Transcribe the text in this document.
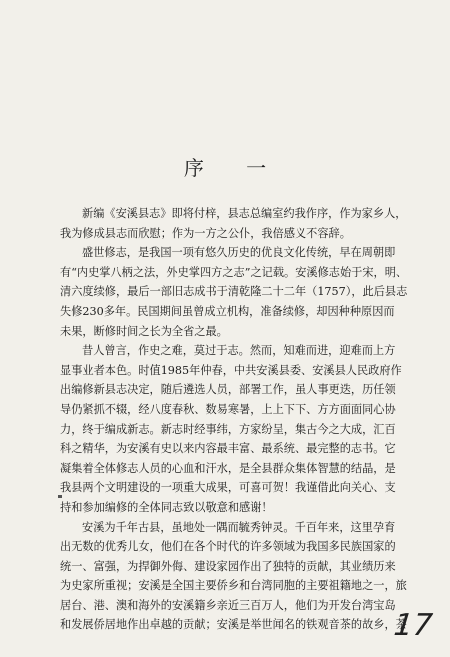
序 一
新编《安溪县志》即将付梓，县志总编室约我作序，作为家乡人，
我为修成县志而欣慰；作为一方之公仆，我倍感义不容辞。
盛世修志，是我国一项有悠久历史的优良文化传统，早在周朝即
有“内史掌八柄之法，外史掌四方之志”之记载。安溪修志始于宋，明、
清六度续修，最后一部旧志成书于清乾隆二十二年（1757），此后县志
失修230多年。民国期间虽曾成立机构，准备续修，却因种种原因而
未果，断修时间之长为全省之最。
昔人曾言，作史之难，莫过于志。然而，知难而进，迎难而上方
显事业者本色。时值1985年仲春，中共安溪县委、安溪县人民政府作
出编修新县志决定，随后遴选人员，部署工作，虽人事更迭，历任领
导仍紧抓不辍，经八度春秋、数易寒暑，上上下下、方方面面同心协
力，终于编成新志。新志时经事纬，方家纷呈，集古今之大成，汇百
科之精华，为安溪有史以来内容最丰富、最系统、最完整的志书。它
凝集着全体修志人员的心血和汗水，是全县群众集体智慧的结晶，是
我县两个文明建设的一项重大成果，可喜可贺！我谨借此向关心、支
持和参加编修的全体同志致以敬意和感谢！
安溪为千年古县，虽地处一隅而毓秀钟灵。千百年来，这里孕育
出无数的优秀儿女，他们在各个时代的许多领域为我国多民族国家的
统一、富强，为捍御外侮、建设家园作出了独特的贡献，其业绩历来
为史家所重视；安溪是全国主要侨乡和台湾同胞的主要祖籍地之一，旅
居台、港、澳和海外的安溪籍乡亲近三百万人，他们为开发台湾宝岛
和发展侨居地作出卓越的贡献；安溪是举世闻名的铁观音茶的故乡，茶
17
